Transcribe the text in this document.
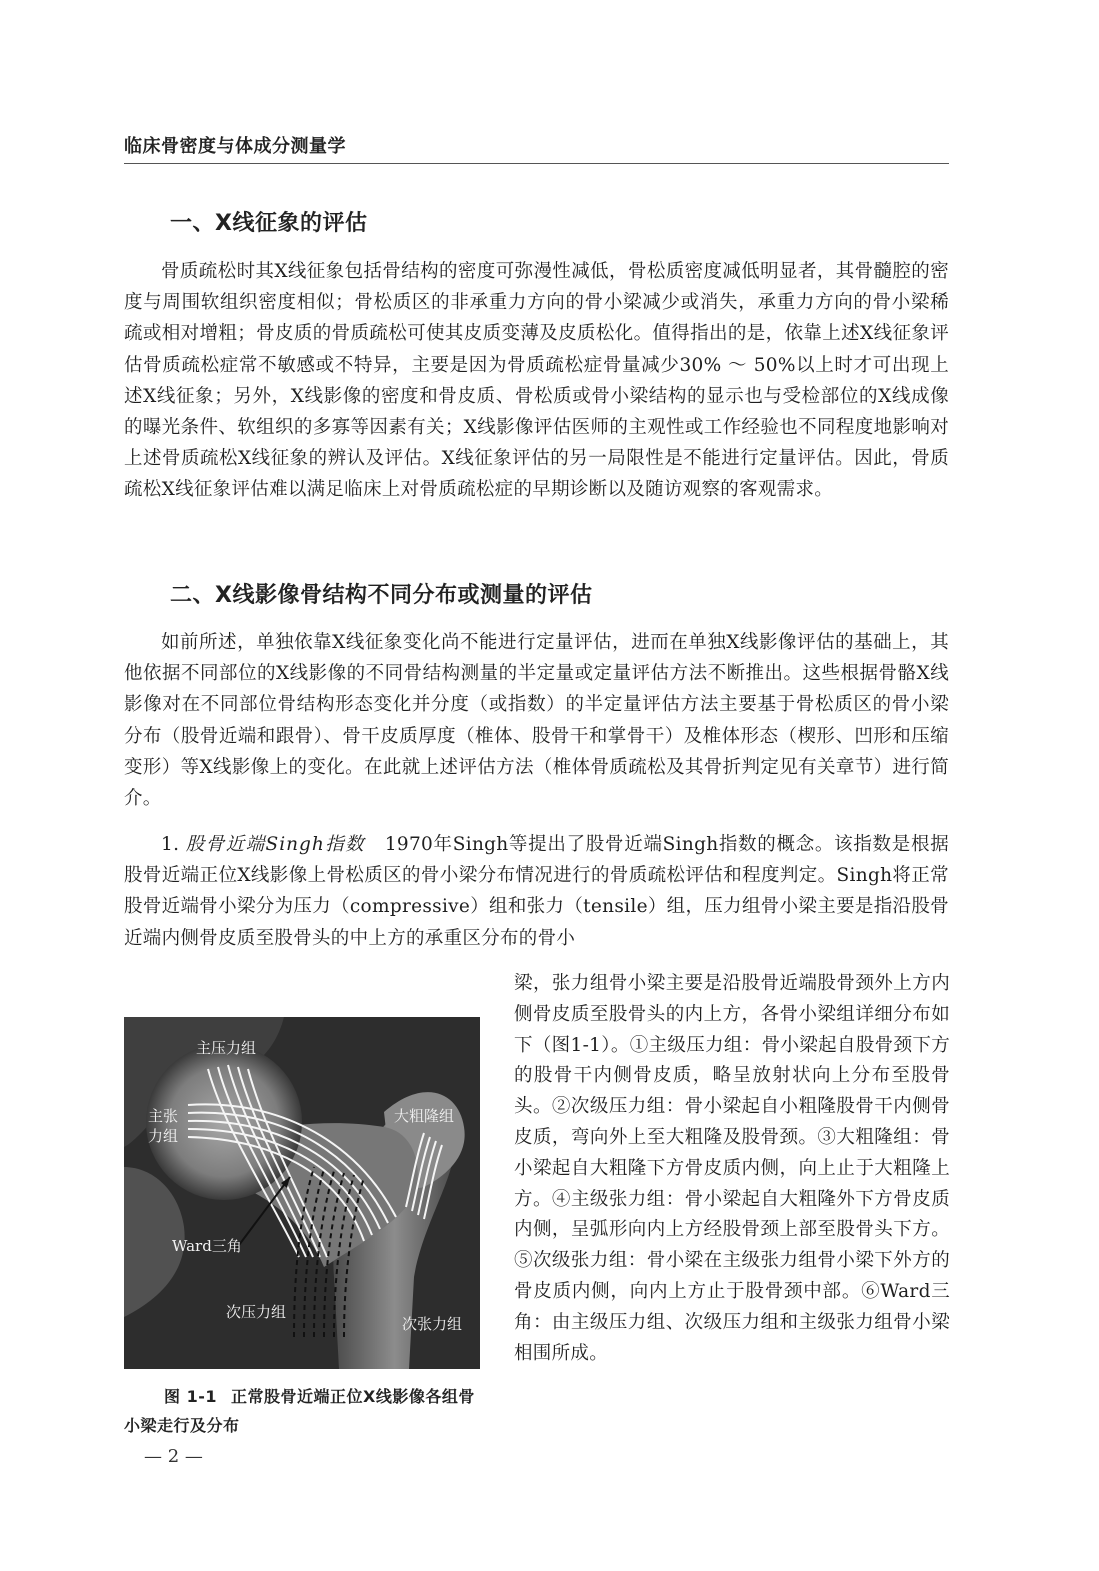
临床骨密度与体成分测量学
一、X线征象的评估

骨质疏松时其X线征象包括骨结构的密度可弥漫性减低，骨松质密度减低明显者，其骨髓腔的密度与周围软组织密度相似；骨松质区的非承重力方向的骨小梁减少或消失，承重力方向的骨小梁稀疏或相对增粗；骨皮质的骨质疏松可使其皮质变薄及皮质松化。值得指出的是，依靠上述X线征象评估骨质疏松症常不敏感或不特异，主要是因为骨质疏松症骨量减少30% ～ 50%以上时才可出现上述X线征象；另外，X线影像的密度和骨皮质、骨松质或骨小梁结构的显示也与受检部位的X线成像的曝光条件、软组织的多寡等因素有关；X线影像评估医师的主观性或工作经验也不同程度地影响对上述骨质疏松X线征象的辨认及评估。X线征象评估的另一局限性是不能进行定量评估。因此，骨质疏松X线征象评估难以满足临床上对骨质疏松症的早期诊断以及随访观察的客观需求。

二、X线影像骨结构不同分布或测量的评估

如前所述，单独依靠X线征象变化尚不能进行定量评估，进而在单独X线影像评估的基础上，其他依据不同部位的X线影像的不同骨结构测量的半定量或定量评估方法不断推出。这些根据骨骼X线影像对在不同部位骨结构形态变化并分度（或指数）的半定量评估方法主要基于骨松质区的骨小梁分布（股骨近端和跟骨）、骨干皮质厚度（椎体、股骨干和掌骨干）及椎体形态（楔形、凹形和压缩变形）等X线影像上的变化。在此就上述评估方法（椎体骨质疏松及其骨折判定见有关章节）进行简介。

1. 股骨近端Singh指数 1970年Singh等提出了股骨近端Singh指数的概念。该指数是根据股骨近端正位X线影像上骨松质区的骨小梁分布情况进行的骨质疏松评估和程度判定。Singh将正常股骨近端骨小梁分为压力（compressive）组和张力（tensile）组，压力组骨小梁主要是指沿股骨近端内侧骨皮质至股骨头的中上方的承重区分布的骨小

梁，张力组骨小梁主要是沿股骨近端股骨颈外上方内侧骨皮质至股骨头的内上方，各骨小梁组详细分布如下（图1-1）。①主级压力组：骨小梁起自股骨颈下方的股骨干内侧骨皮质，略呈放射状向上分布至股骨头。②次级压力组：骨小梁起自小粗隆股骨干内侧骨皮质，弯向外上至大粗隆及股骨颈。③大粗隆组：骨小梁起自大粗隆下方骨皮质内侧，向上止于大粗隆上方。④主级张力组：骨小梁起自大粗隆外下方骨皮质内侧，呈弧形向内上方经股骨颈上部至股骨头下方。⑤次级张力组：骨小梁在主级张力组骨小梁下外方的骨皮质内侧，向内上方止于股骨颈中部。⑥Ward三角：由主级压力组、次级压力组和主级张力组骨小梁相围所成。

主压力组
主张
力组
大粗隆组
Ward三角
次压力组
次张力组
图 1-1 正常股骨近端正位X线影像各组骨小梁走行及分布
— 2 —
